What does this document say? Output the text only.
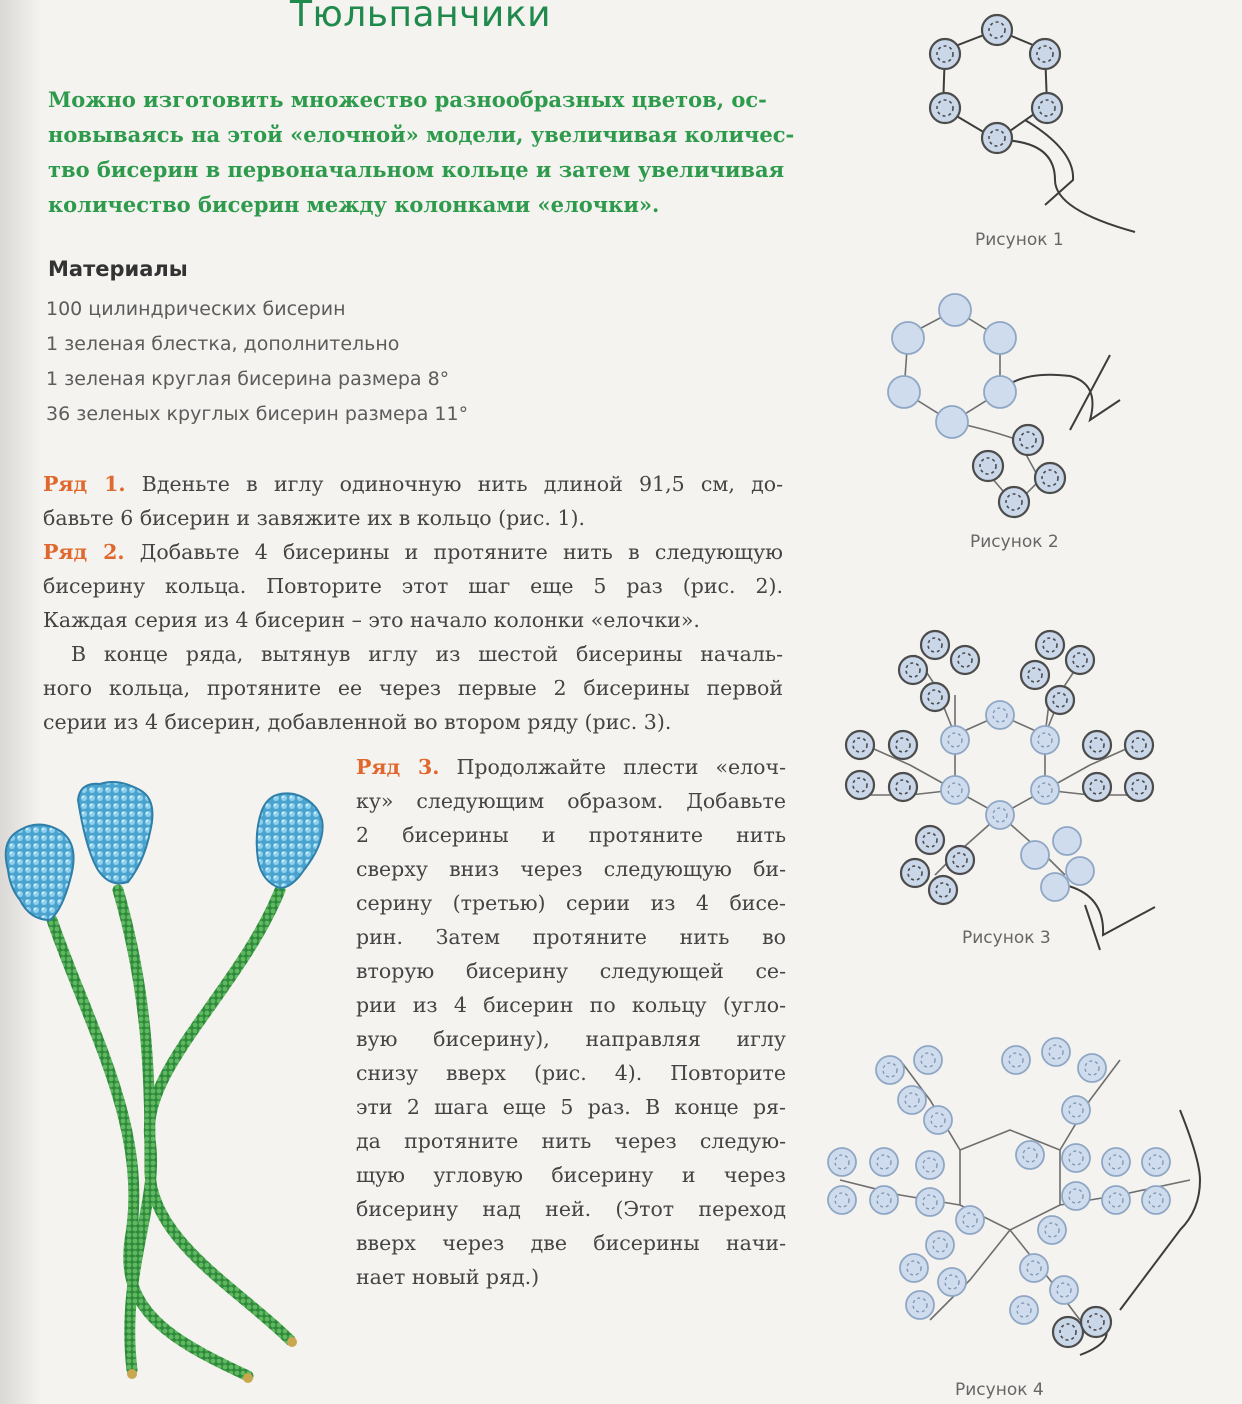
Тюльпанчики

Можно изготовить множество разнообразных цветов, ос-
новываясь на этой «елочной» модели, увеличивая количес-
тво бисерин в первоначальном кольце и затем увеличивая
количество бисерин между колонками «елочки».

Материалы
100 цилиндрических бисерин
1 зеленая блестка, дополнительно
1 зеленая круглая бисерина размера 8°
36 зеленых круглых бисерин размера 11°
Ряд 1. Вденьте в иглу одиночную нить длиной 91,5 см, до-
бавьте 6 бисерин и завяжите их в кольцо (рис. 1).
Ряд 2. Добавьте 4 бисерины и протяните нить в следующую
бисерину кольца. Повторите этот шаг еще 5 раз (рис. 2).
Каждая серия из 4 бисерин – это начало колонки «елочки».
В конце ряда, вытянув иглу из шестой бисерины началь-
ного кольца, протяните ее через первые 2 бисерины первой
серии из 4 бисерин, добавленной во втором ряду (рис. 3).
Ряд 3. Продолжайте плести «елоч-
ку» следующим образом. Добавьте
2 бисерины и протяните нить
сверху вниз через следующую би-
серину (третью) серии из 4 бисе-
рин. Затем протяните нить во
вторую бисерину следующей се-
рии из 4 бисерин по кольцу (угло-
вую бисерину), направляя иглу
снизу вверх (рис. 4). Повторите
эти 2 шага еще 5 раз. В конце ря-
да протяните нить через следую-
щую угловую бисерину и через
бисерину над ней. (Этот переход
вверх через две бисерины начи-
нает новый ряд.)
Рисунок 1
Рисунок 2
Рисунок 3
Рисунок 4
